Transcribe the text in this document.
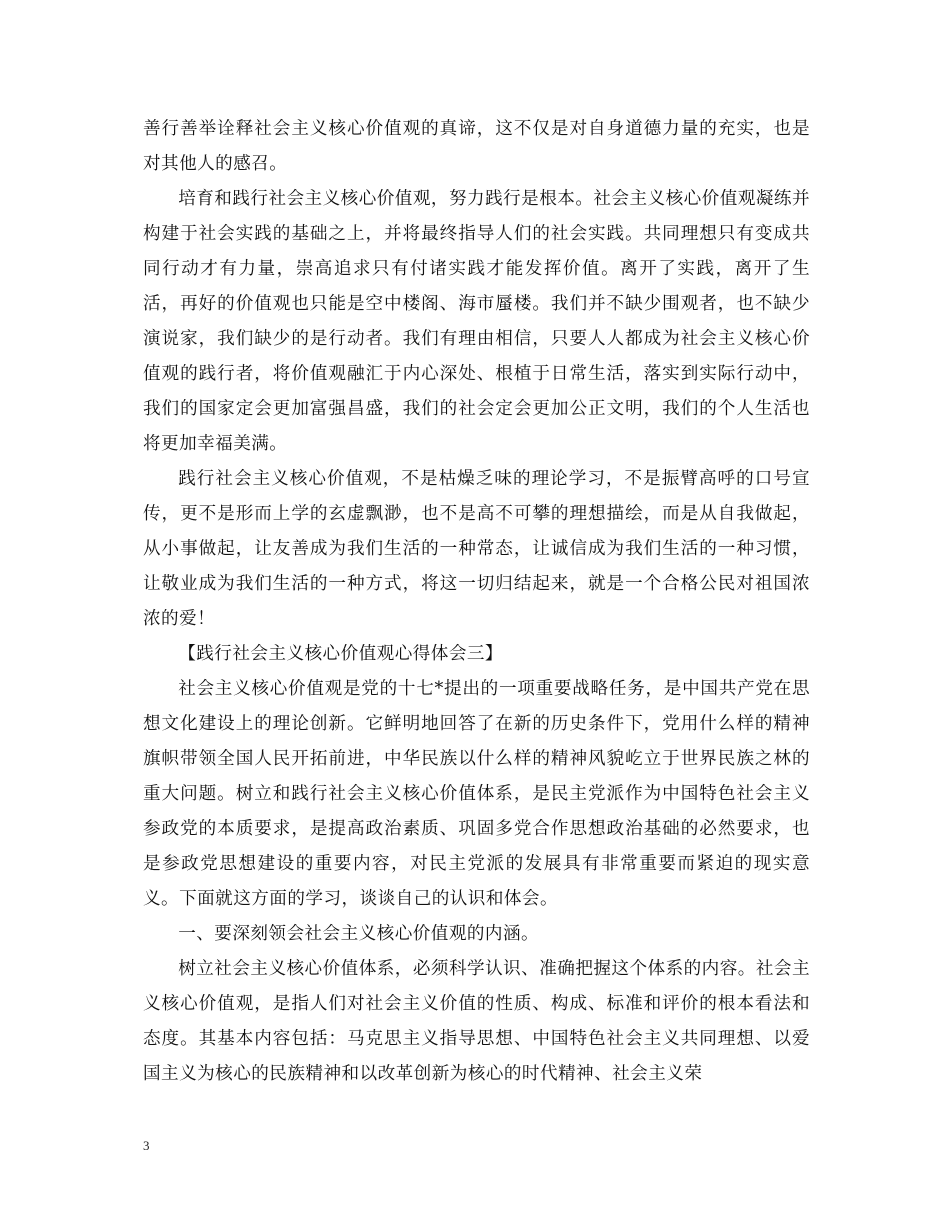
善行善举诠释社会主义核心价值观的真谛，这不仅是对自身道德力量的充实，也是对其他人的感召。

培育和践行社会主义核心价值观，努力践行是根本。社会主义核心价值观凝练并构建于社会实践的基础之上，并将最终指导人们的社会实践。共同理想只有变成共同行动才有力量，崇高追求只有付诸实践才能发挥价值。离开了实践，离开了生活，再好的价值观也只能是空中楼阁、海市蜃楼。我们并不缺少围观者，也不缺少演说家，我们缺少的是行动者。我们有理由相信，只要人人都成为社会主义核心价值观的践行者，将价值观融汇于内心深处、根植于日常生活，落实到实际行动中，我们的国家定会更加富强昌盛，我们的社会定会更加公正文明，我们的个人生活也将更加幸福美满。

践行社会主义核心价值观，不是枯燥乏味的理论学习，不是振臂高呼的口号宣传，更不是形而上学的玄虚飘渺，也不是高不可攀的理想描绘，而是从自我做起，从小事做起，让友善成为我们生活的一种常态，让诚信成为我们生活的一种习惯，让敬业成为我们生活的一种方式，将这一切归结起来，就是一个合格公民对祖国浓浓的爱！

【践行社会主义核心价值观心得体会三】

社会主义核心价值观是党的十七*提出的一项重要战略任务，是中国共产党在思想文化建设上的理论创新。它鲜明地回答了在新的历史条件下，党用什么样的精神旗帜带领全国人民开拓前进，中华民族以什么样的精神风貌屹立于世界民族之林的重大问题。树立和践行社会主义核心价值体系，是民主党派作为中国特色社会主义参政党的本质要求，是提高政治素质、巩固多党合作思想政治基础的必然要求，也是参政党思想建设的重要内容，对民主党派的发展具有非常重要而紧迫的现实意义。下面就这方面的学习，谈谈自己的认识和体会。

一、要深刻领会社会主义核心价值观的内涵。

树立社会主义核心价值体系，必须科学认识、准确把握这个体系的内容。社会主义核心价值观，是指人们对社会主义价值的性质、构成、标准和评价的根本看法和态度。其基本内容包括：马克思主义指导思想、中国特色社会主义共同理想、以爱国主义为核心的民族精神和以改革创新为核心的时代精神、社会主义荣

3
